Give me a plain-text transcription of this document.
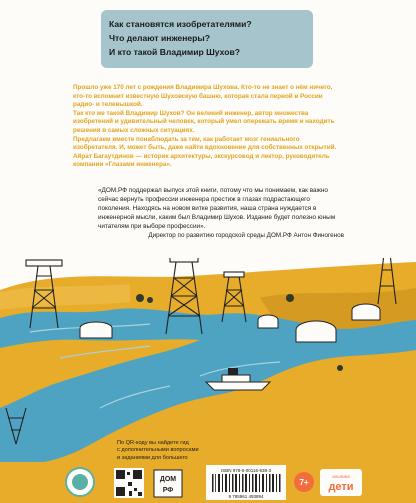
Как становятся изобретателями?
Что делают инженеры?
И кто такой Владимир Шухов?

Прошло уже 170 лет с рождения Владимира Шухова. Кто-то не знает о нём ничего, кто-то вспомнит известную Шуховскую башню, которая стала первой в России радио- и телевышкой.

Так кто же такой Владимир Шухов? Он великий инженер, автор множества изобретений и удивительный человек, который умел опережать время и находить решения в самых сложных ситуациях.

Предлагаем вместе понаблюдать за тем, как работает мозг гениального изобретателя. И, может быть, даже найти вдохновение для собственных открытий.

Айрат Багаутдинов — историк архитектуры, экскурсовод и лектор, руководитель компании «Глазами инженера».

«ДОМ.РФ поддержал выпуск этой книги, потому что мы понимаем, как важно сейчас вернуть профессии инженера престиж в глазах подрастающего поколения. Находясь на новом витке развития, наша страна нуждается в инженерной мысли, каким был Владимир Шухов. Издание будет полезно юным читателям при выборе профессии».

Директор по развитию городской среды ДОМ.РФ Антон Финогенов

По QR-коду вы найдете гид

с дополнительными вопросами

и заданиями для большего

ДОМ
РФ
ISBN 978-5-00116-938-3
9 785961 493894
7+
альпина
дети
